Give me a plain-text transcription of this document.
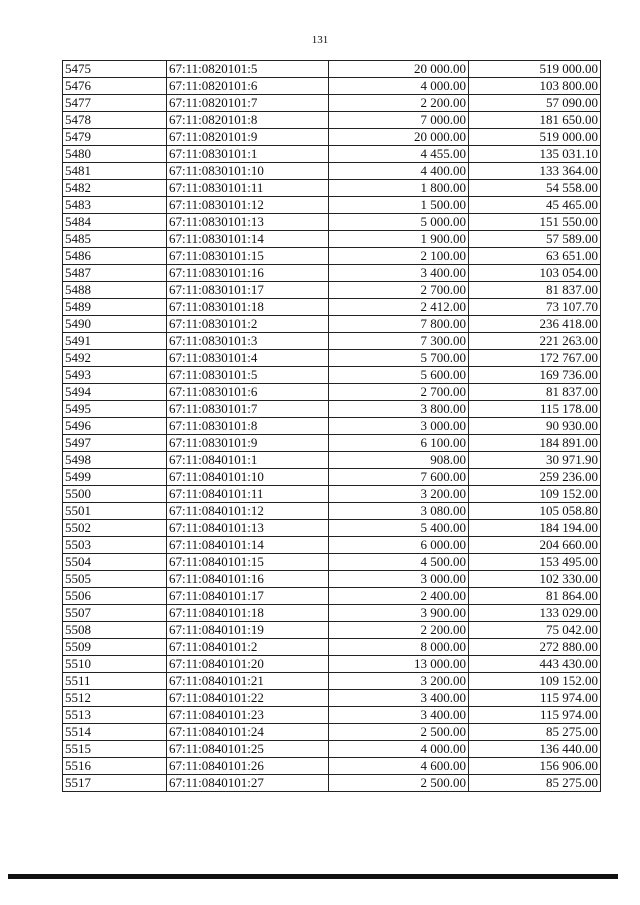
131
5475	67:11:0820101:5	20 000.00	519 000.00
5476	67:11:0820101:6	4 000.00	103 800.00
5477	67:11:0820101:7	2 200.00	57 090.00
5478	67:11:0820101:8	7 000.00	181 650.00
5479	67:11:0820101:9	20 000.00	519 000.00
5480	67:11:0830101:1	4 455.00	135 031.10
5481	67:11:0830101:10	4 400.00	133 364.00
5482	67:11:0830101:11	1 800.00	54 558.00
5483	67:11:0830101:12	1 500.00	45 465.00
5484	67:11:0830101:13	5 000.00	151 550.00
5485	67:11:0830101:14	1 900.00	57 589.00
5486	67:11:0830101:15	2 100.00	63 651.00
5487	67:11:0830101:16	3 400.00	103 054.00
5488	67:11:0830101:17	2 700.00	81 837.00
5489	67:11:0830101:18	2 412.00	73 107.70
5490	67:11:0830101:2	7 800.00	236 418.00
5491	67:11:0830101:3	7 300.00	221 263.00
5492	67:11:0830101:4	5 700.00	172 767.00
5493	67:11:0830101:5	5 600.00	169 736.00
5494	67:11:0830101:6	2 700.00	81 837.00
5495	67:11:0830101:7	3 800.00	115 178.00
5496	67:11:0830101:8	3 000.00	90 930.00
5497	67:11:0830101:9	6 100.00	184 891.00
5498	67:11:0840101:1	908.00	30 971.90
5499	67:11:0840101:10	7 600.00	259 236.00
5500	67:11:0840101:11	3 200.00	109 152.00
5501	67:11:0840101:12	3 080.00	105 058.80
5502	67:11:0840101:13	5 400.00	184 194.00
5503	67:11:0840101:14	6 000.00	204 660.00
5504	67:11:0840101:15	4 500.00	153 495.00
5505	67:11:0840101:16	3 000.00	102 330.00
5506	67:11:0840101:17	2 400.00	81 864.00
5507	67:11:0840101:18	3 900.00	133 029.00
5508	67:11:0840101:19	2 200.00	75 042.00
5509	67:11:0840101:2	8 000.00	272 880.00
5510	67:11:0840101:20	13 000.00	443 430.00
5511	67:11:0840101:21	3 200.00	109 152.00
5512	67:11:0840101:22	3 400.00	115 974.00
5513	67:11:0840101:23	3 400.00	115 974.00
5514	67:11:0840101:24	2 500.00	85 275.00
5515	67:11:0840101:25	4 000.00	136 440.00
5516	67:11:0840101:26	4 600.00	156 906.00
5517	67:11:0840101:27	2 500.00	85 275.00
